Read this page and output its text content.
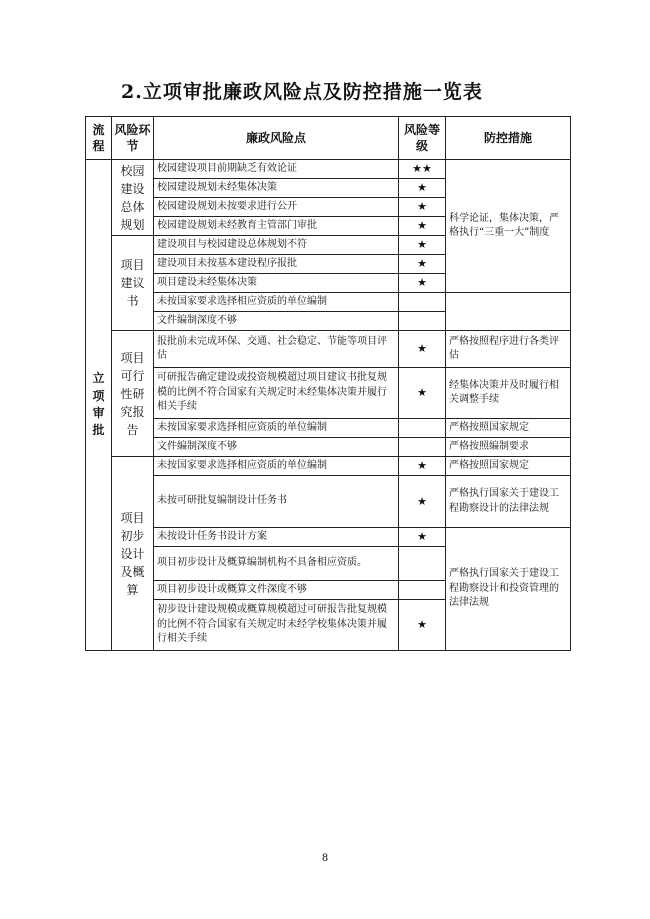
2.立项审批廉政风险点及防控措施一览表
流程	风险环节	廉政风险点	风险等级	防控措施
立项审批	校园建设总体规划	校园建设项目前期缺乏有效论证	★★	科学论证，集体决策，严格执行“三重一大”制度
		校园建设规划未经集体决策	★	
		校园建设规划未按要求进行公开	★	
		校园建设规划未经教育主管部门审批	★	
	项目建议书	建设项目与校园建设总体规划不符	★	
		建设项目未按基本建设程序报批	★	
		项目建设未经集体决策	★	
		未按国家要求选择相应资质的单位编制		
		文件编制深度不够		
	项目可行性研究报告	报批前未完成环保、交通、社会稳定、节能等项目评估	★	严格按照程序进行各类评估
		可研报告确定建设或投资规模超过项目建议书批复规模的比例不符合国家有关规定时未经集体决策并履行相关手续	★	经集体决策并及时履行相关调整手续
		未按国家要求选择相应资质的单位编制		严格按照国家规定
		文件编制深度不够		严格按照编制要求
	项目初步设计及概算	未按国家要求选择相应资质的单位编制	★	严格按照国家规定
		未按可研批复编制设计任务书	★	严格执行国家关于建设工程勘察设计的法律法规
		未按设计任务书设计方案	★	严格执行国家关于建设工程勘察设计和投资管理的法律法规
		项目初步设计及概算编制机构不具备相应资质。		
		项目初步设计或概算文件深度不够		
		初步设计建设规模或概算规模超过可研报告批复规模的比例不符合国家有关规定时未经学校集体决策并履行相关手续	★	
8
